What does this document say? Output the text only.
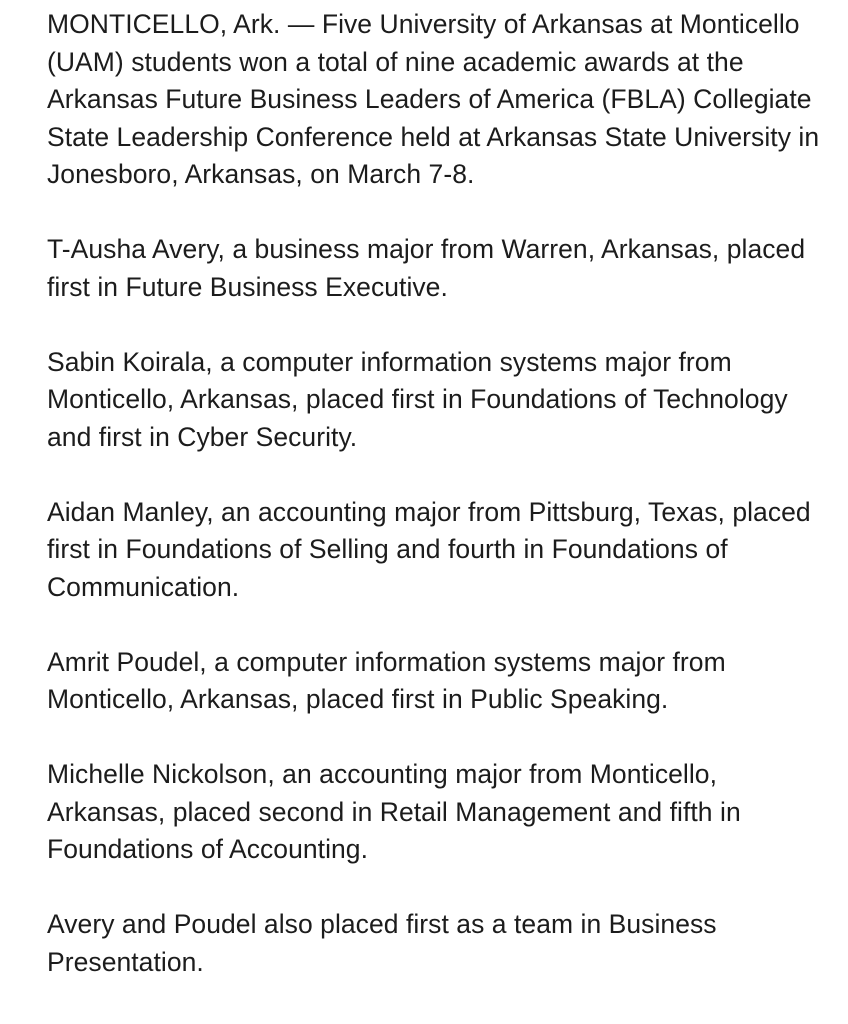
MONTICELLO, Ark. — Five University of Arkansas at Monticello (UAM) students won a total of nine academic awards at the Arkansas Future Business Leaders of America (FBLA) Collegiate State Leadership Conference held at Arkansas State University in Jonesboro, Arkansas, on March 7-8.

T-Ausha Avery, a business major from Warren, Arkansas, placed first in Future Business Executive.

Sabin Koirala, a computer information systems major from Monticello, Arkansas, placed first in Foundations of Technology and first in Cyber Security.

Aidan Manley, an accounting major from Pittsburg, Texas, placed first in Foundations of Selling and fourth in Foundations of Communication.

Amrit Poudel, a computer information systems major from Monticello, Arkansas, placed first in Public Speaking.

Michelle Nickolson, an accounting major from Monticello, Arkansas, placed second in Retail Management and fifth in Foundations of Accounting.

Avery and Poudel also placed first as a team in Business Presentation.
